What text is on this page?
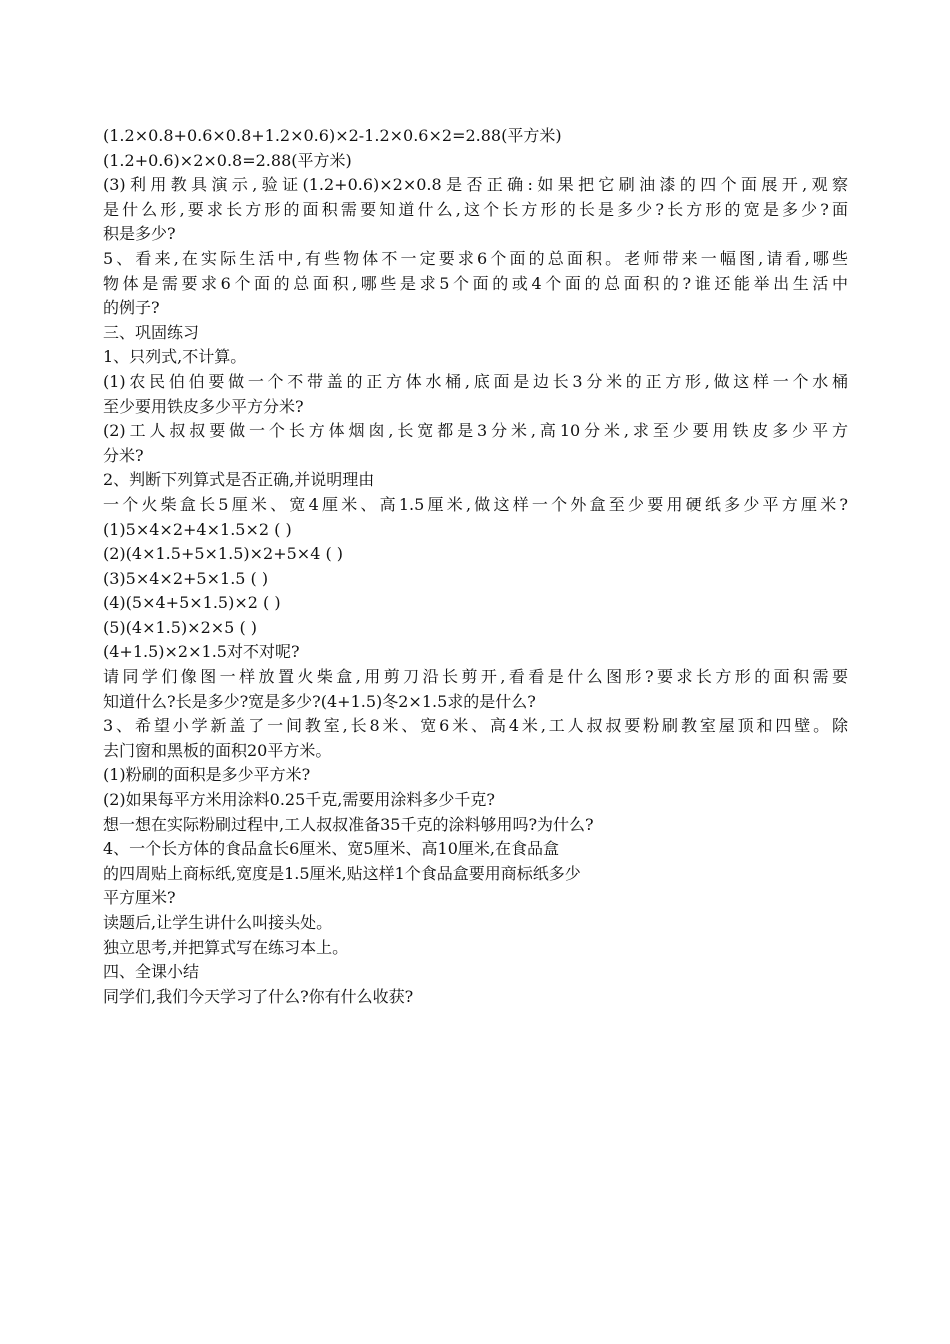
(1.2×0.8+0.6×0.8+1.2×0.6)×2-1.2×0.6×2=2.88(平方米)
(1.2+0.6)×2×0.8=2.88(平方米)
(3)利用教具演示,验证(1.2+0.6)×2×0.8是否正确:如果把它刷油漆的四个面展开,观察
是什么形,要求长方形的面积需要知道什么,这个长方形的长是多少?长方形的宽是多少?面
积是多少?
5、看来,在实际生活中,有些物体不一定要求6个面的总面积。老师带来一幅图,请看,哪些
物体是需要求6个面的总面积,哪些是求5个面的或4个面的总面积的?谁还能举出生活中
的例子?
三、巩固练习
1、只列式,不计算。
(1)农民伯伯要做一个不带盖的正方体水桶,底面是边长3分米的正方形,做这样一个水桶
至少要用铁皮多少平方分米?
(2)工人叔叔要做一个长方体烟囱,长宽都是3分米,高10分米,求至少要用铁皮多少平方
分米?
2、判断下列算式是否正确,并说明理由
一个火柴盒长5厘米、宽4厘米、高1.5厘米,做这样一个外盒至少要用硬纸多少平方厘米?
(1)5×4×2+4×1.5×2 ( )
(2)(4×1.5+5×1.5)×2+5×4 ( )
(3)5×4×2+5×1.5 ( )
(4)(5×4+5×1.5)×2 ( )
(5)(4×1.5)×2×5 ( )
(4+1.5)×2×1.5对不对呢?
请同学们像图一样放置火柴盒,用剪刀沿长剪开,看看是什么图形?要求长方形的面积需要
知道什么?长是多少?宽是多少?(4+1.5)冬2×1.5求的是什么?
3、希望小学新盖了一间教室,长8米、宽6米、高4米,工人叔叔要粉刷教室屋顶和四壁。除
去门窗和黑板的面积20平方米。
(1)粉刷的面积是多少平方米?
(2)如果每平方米用涂料0.25千克,需要用涂料多少千克?
想一想在实际粉刷过程中,工人叔叔准备35千克的涂料够用吗?为什么?
4、一个长方体的食品盒长6厘米、宽5厘米、高10厘米,在食品盒
的四周贴上商标纸,宽度是1.5厘米,贴这样1个食品盒要用商标纸多少
平方厘米?
读题后,让学生讲什么叫接头处。
独立思考,并把算式写在练习本上。
四、全课小结
同学们,我们今天学习了什么?你有什么收获?
